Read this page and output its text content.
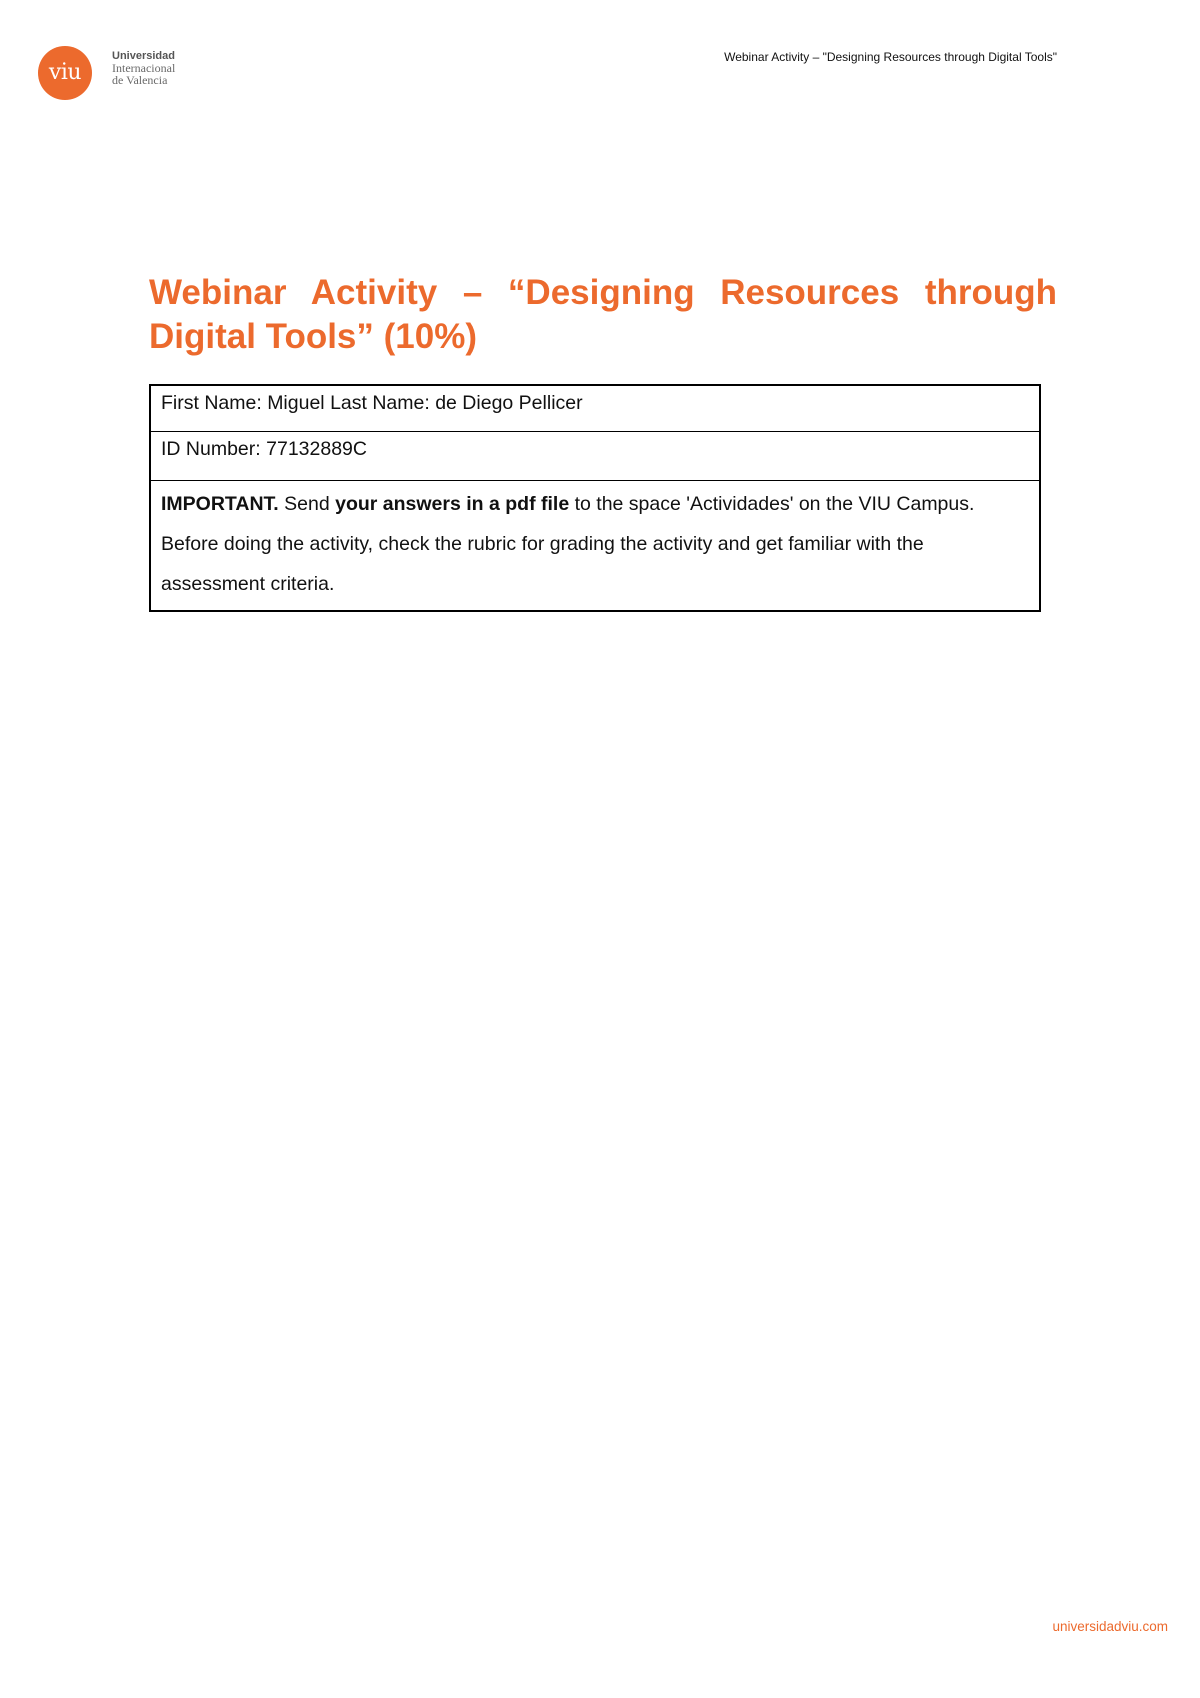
viu
Universidad
Internacional
de Valencia
Webinar Activity – "Designing Resources through Digital Tools"
Webinar Activity – “Designing Resources through Digital Tools” (10%)
First Name: Miguel Last Name: de Diego Pellicer
ID Number: 77132889C
IMPORTANT. Send your answers in a pdf file to the space 'Actividades' on the VIU Campus. Before doing the activity, check the rubric for grading the activity and get familiar with the assessment criteria.
universidadviu.com
